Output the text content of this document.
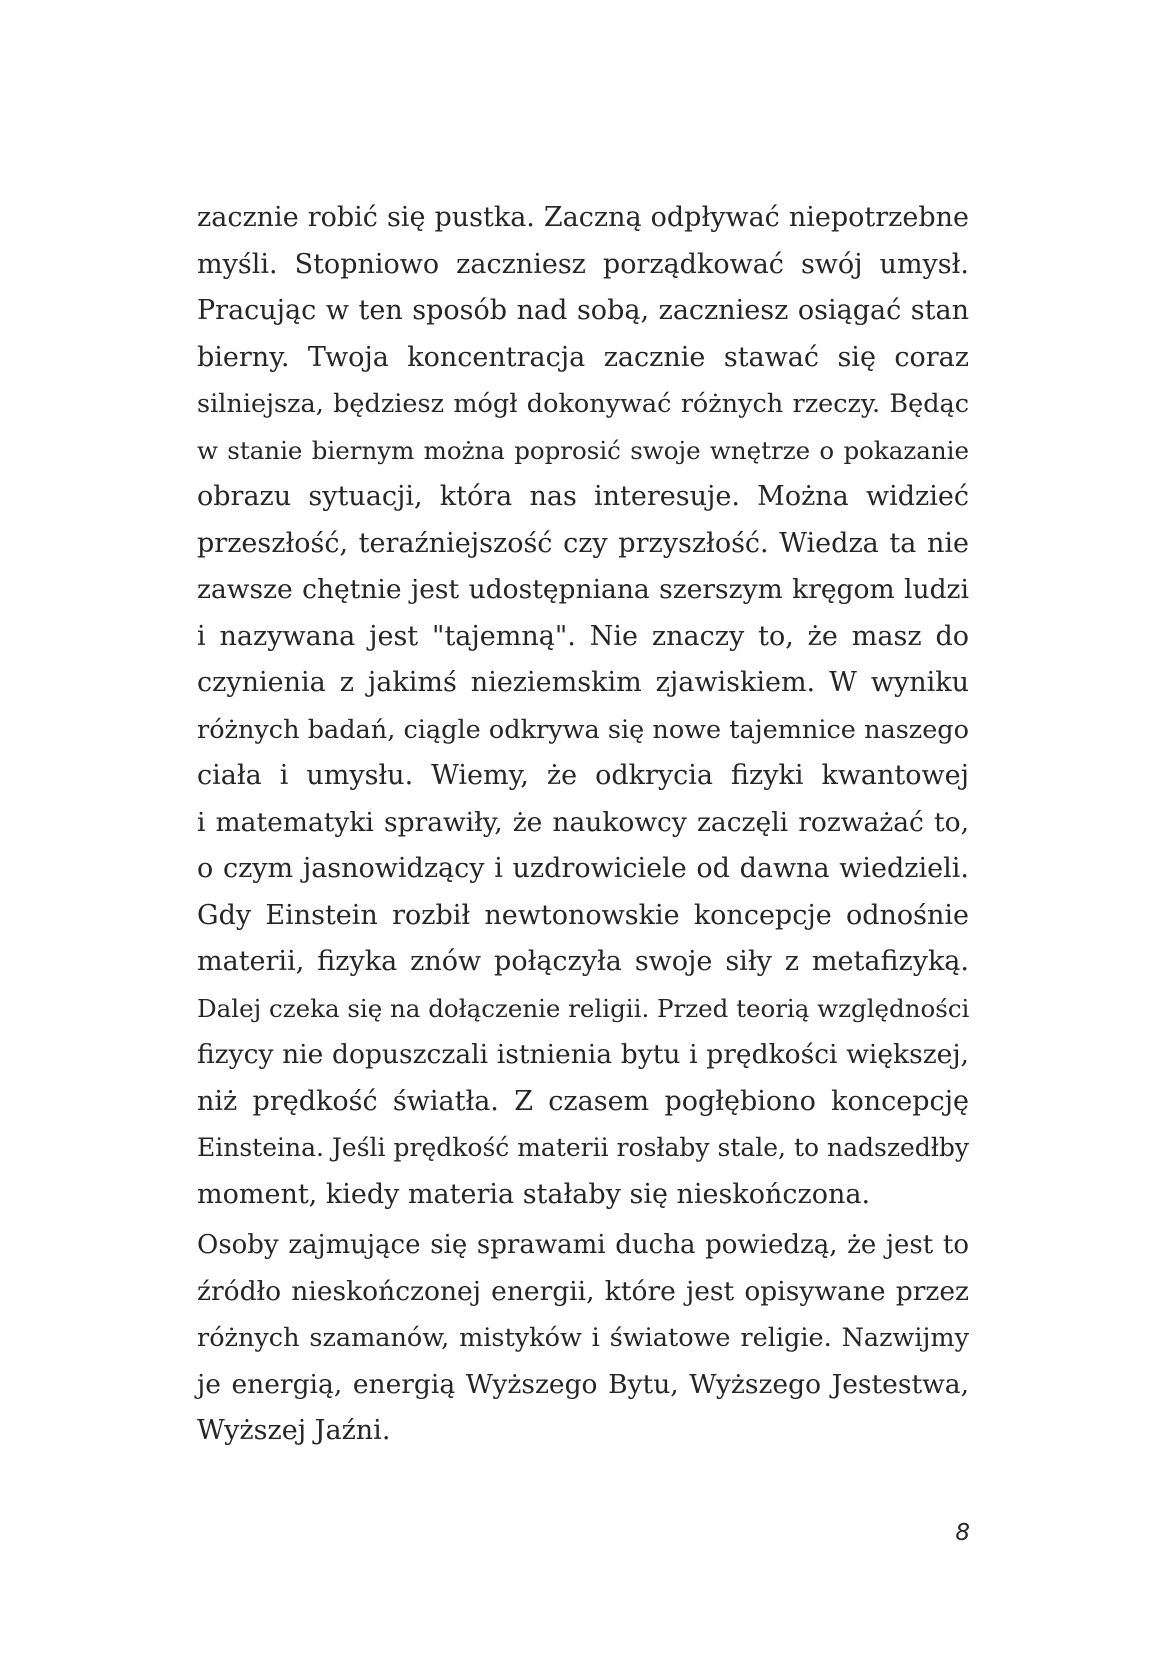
zacznie robić się pustka. Zaczną odpływać niepotrzebne
myśli. Stopniowo zaczniesz porządkować swój umysł.
Pracując w ten sposób nad sobą, zaczniesz osiągać stan
bierny. Twoja koncentracja zacznie stawać się coraz
silniejsza, będziesz mógł dokonywać różnych rzeczy. Będąc
w stanie biernym można poprosić swoje wnętrze o pokazanie
obrazu sytuacji, która nas interesuje. Można widzieć
przeszłość, teraźniejszość czy przyszłość. Wiedza ta nie
zawsze chętnie jest udostępniana szerszym kręgom ludzi
i nazywana jest "tajemną". Nie znaczy to, że masz do
czynienia z jakimś nieziemskim zjawiskiem. W wyniku
różnych badań, ciągle odkrywa się nowe tajemnice naszego
ciała i umysłu. Wiemy, że odkrycia fizyki kwantowej
i matematyki sprawiły, że naukowcy zaczęli rozważać to,
o czym jasnowidzący i uzdrowiciele od dawna wiedzieli.
Gdy Einstein rozbił newtonowskie koncepcje odnośnie
materii, fizyka znów połączyła swoje siły z metafizyką.
Dalej czeka się na dołączenie religii. Przed teorią względności
fizycy nie dopuszczali istnienia bytu i prędkości większej,
niż prędkość światła. Z czasem pogłębiono koncepcję
Einsteina. Jeśli prędkość materii rosłaby stale, to nadszedłby
moment, kiedy materia stałaby się nieskończona.
Osoby zajmujące się sprawami ducha powiedzą, że jest to
źródło nieskończonej energii, które jest opisywane przez
różnych szamanów, mistyków i światowe religie. Nazwijmy
je energią, energią Wyższego Bytu, Wyższego Jestestwa,
Wyższej Jaźni.
8
